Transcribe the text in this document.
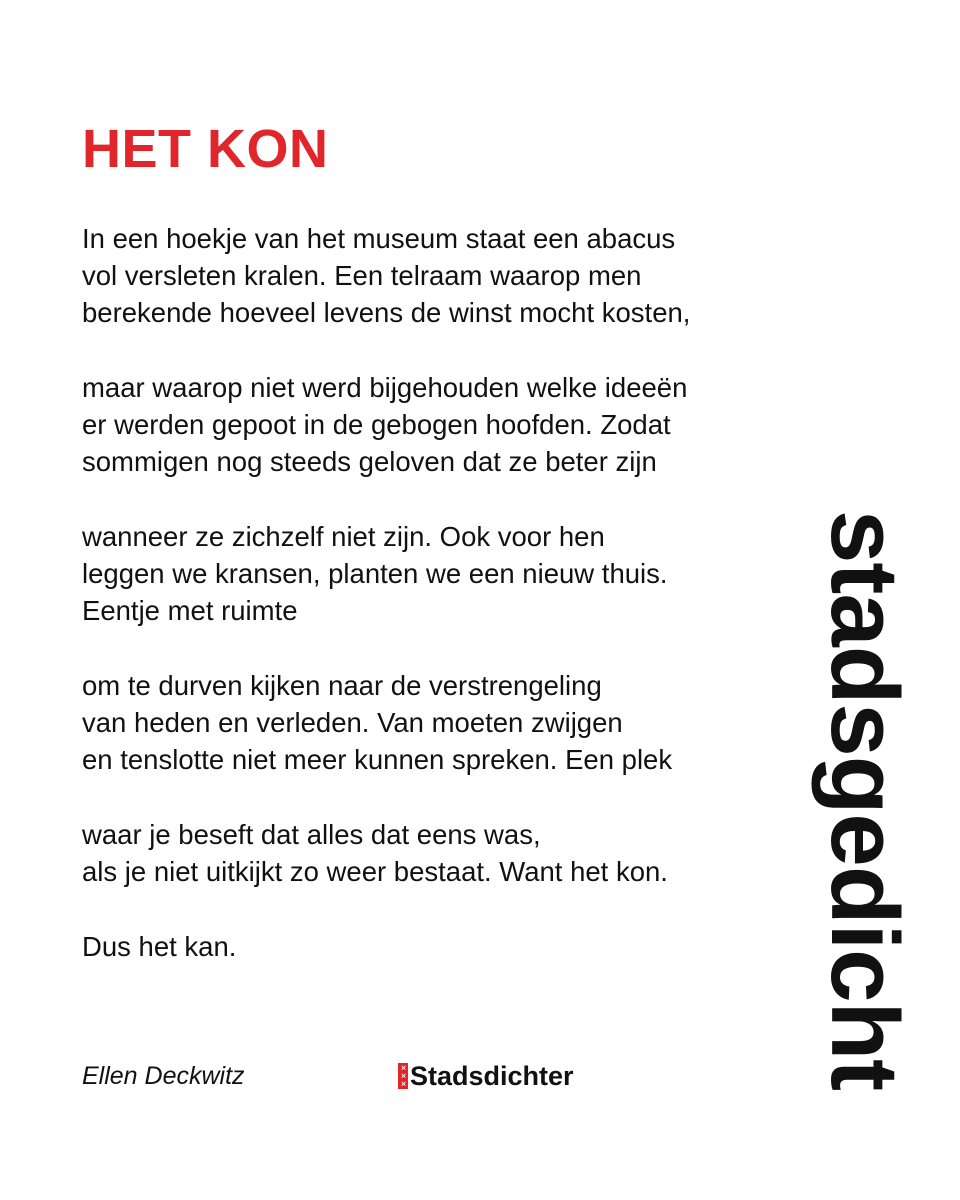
HET KON

In een hoekje van het museum staat een abacus
vol versleten kralen. Een telraam waarop men
berekende hoeveel levens de winst mocht kosten,

maar waarop niet werd bijgehouden welke ideeën
er werden gepoot in de gebogen hoofden. Zodat
sommigen nog steeds geloven dat ze beter zijn

wanneer ze zichzelf niet zijn. Ook voor hen
leggen we kransen, planten we een nieuw thuis.
Eentje met ruimte

om te durven kijken naar de verstrengeling
van heden en verleden. Van moeten zwijgen
en tenslotte niet meer kunnen spreken. Een plek

waar je beseft dat alles dat eens was,
als je niet uitkijkt zo weer bestaat. Want het kon.

Dus het kan.

Ellen Deckwitz	××× Stadsdichter stadsgedicht
